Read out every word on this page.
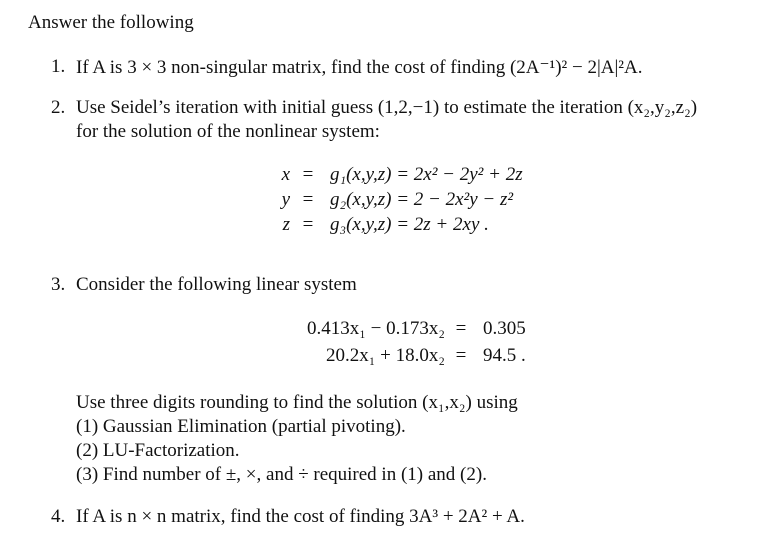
Answer the following
1. If A is 3 × 3 non-singular matrix, find the cost of finding (2A⁻¹)² − 2|A|²A.
2. Use Seidel’s iteration with initial guess (1,2,−1) to estimate the iteration (x₂,y₂,z₂)
for the solution of the nonlinear system:
x = g₁(x,y,z) = 2x² − 2y² + 2z
y = g₂(x,y,z) = 2 − 2x²y − z²
z = g₃(x,y,z) = 2z + 2xy .
3. Consider the following linear system
0.413x₁ − 0.173x₂ = 0.305
20.2x₁ + 18.0x₂ = 94.5 .
Use three digits rounding to find the solution (x₁,x₂) using
(1) Gaussian Elimination (partial pivoting).
(2) LU-Factorization.
(3) Find number of ±, ×, and ÷ required in (1) and (2).
4. If A is n × n matrix, find the cost of finding 3A³ + 2A² + A.
